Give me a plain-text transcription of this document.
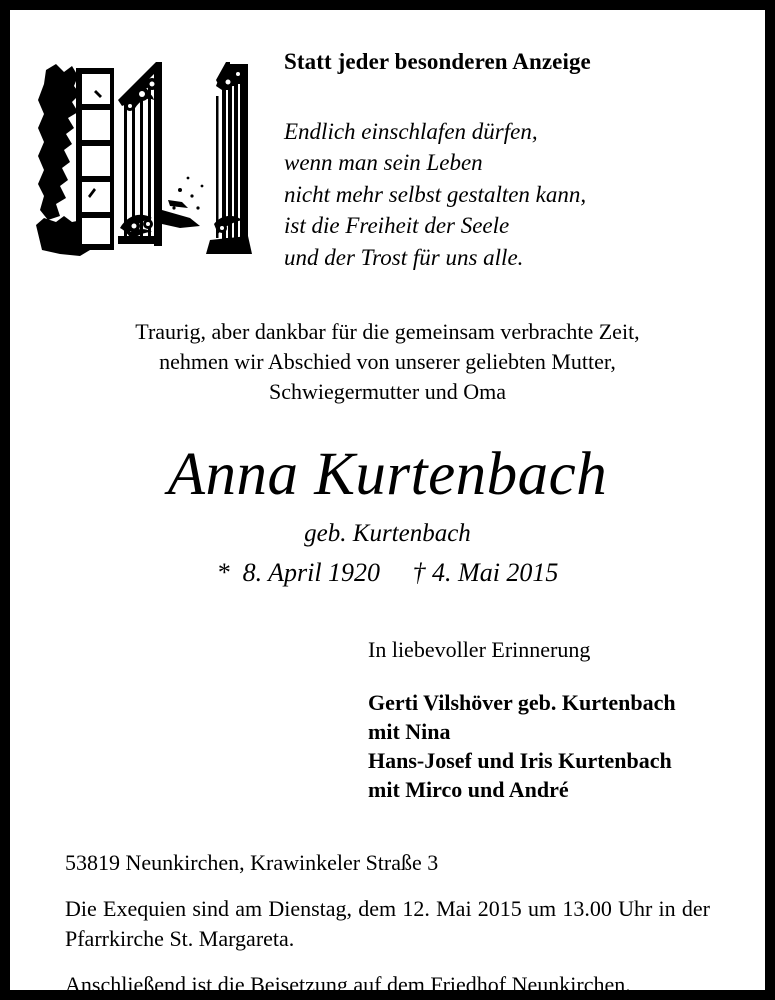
Statt jeder besonderen Anzeige
Endlich einschlafen dürfen,
wenn man sein Leben
nicht mehr selbst gestalten kann,
ist die Freiheit der Seele
und der Trost für uns alle.
Traurig, aber dankbar für die gemeinsam verbrachte Zeit,
nehmen wir Abschied von unserer geliebten Mutter,
Schwiegermutter und Oma
Anna Kurtenbach
geb. Kurtenbach
*  8. April 1920     † 4. Mai 2015
In liebevoller Erinnerung
Gerti Vilshöver geb. Kurtenbach
mit Nina
Hans-Josef und Iris Kurtenbach
mit Mirco und André
53819 Neunkirchen, Krawinkeler Straße 3
Die Exequien sind am Dienstag, dem 12. Mai 2015 um 13.00 Uhr in der Pfarrkirche St. Margareta.
Anschließend ist die Beisetzung auf dem Friedhof Neunkirchen.
